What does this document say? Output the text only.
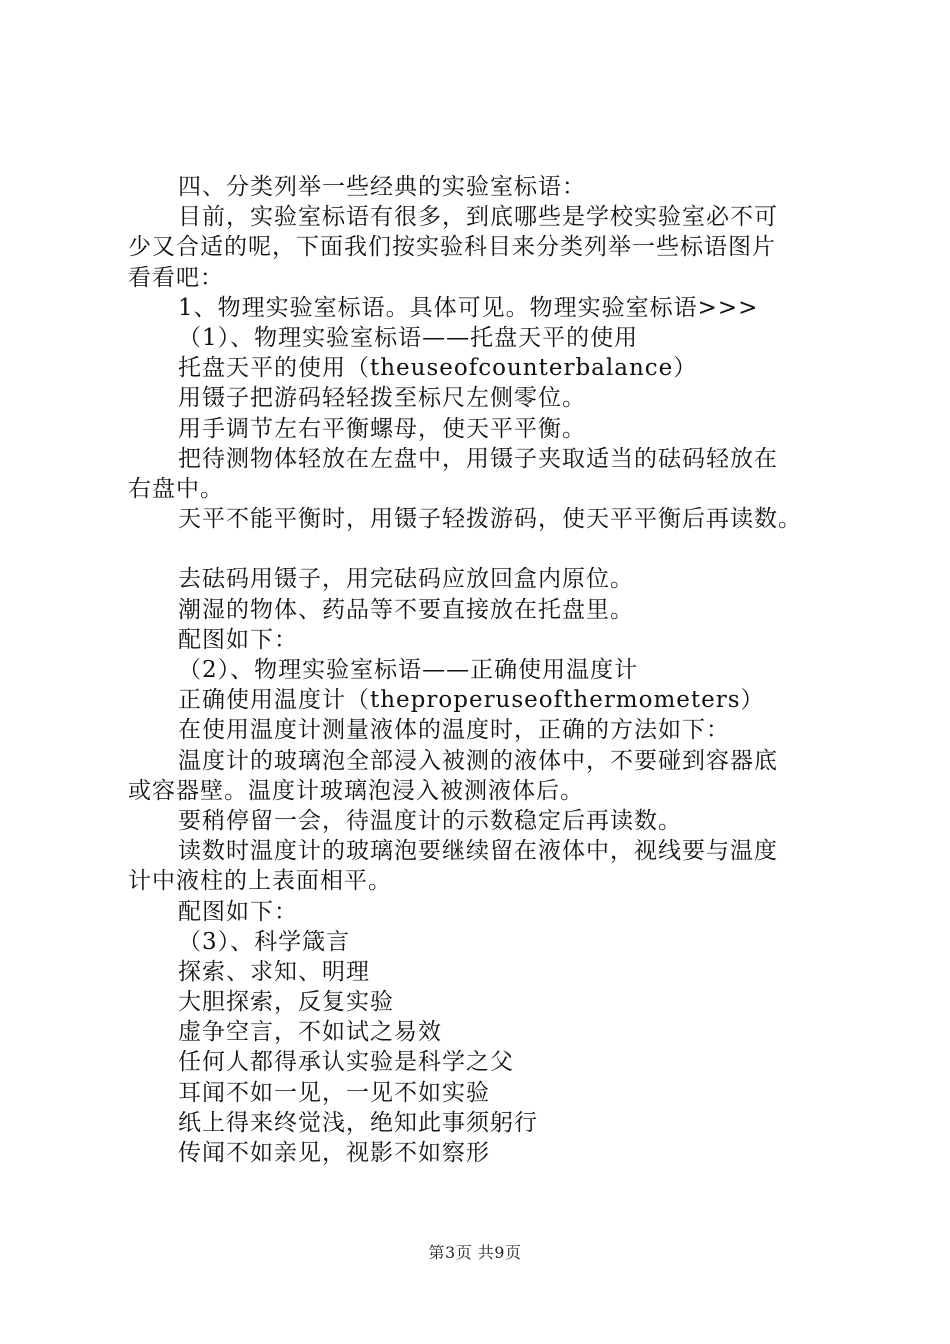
四、分类列举一些经典的实验室标语：
目前，实验室标语有很多，到底哪些是学校实验室必不可
少又合适的呢，下面我们按实验科目来分类列举一些标语图片
看看吧：
1、物理实验室标语。具体可见。物理实验室标语>>>
（1）、物理实验室标语——托盘天平的使用
托盘天平的使用（theuseofcounterbalance）
用镊子把游码轻轻拨至标尺左侧零位。
用手调节左右平衡螺母，使天平平衡。
把待测物体轻放在左盘中，用镊子夹取适当的砝码轻放在
右盘中。
天平不能平衡时，用镊子轻拨游码，使天平平衡后再读数。
去砝码用镊子，用完砝码应放回盒内原位。
潮湿的物体、药品等不要直接放在托盘里。
配图如下：
（2）、物理实验室标语——正确使用温度计
正确使用温度计（theproperuseofthermometers）
在使用温度计测量液体的温度时，正确的方法如下：
温度计的玻璃泡全部浸入被测的液体中，不要碰到容器底
或容器壁。温度计玻璃泡浸入被测液体后。
要稍停留一会，待温度计的示数稳定后再读数。
读数时温度计的玻璃泡要继续留在液体中，视线要与温度
计中液柱的上表面相平。
配图如下：
（3）、科学箴言
探索、求知、明理
大胆探索，反复实验
虚争空言，不如试之易效
任何人都得承认实验是科学之父
耳闻不如一见，一见不如实验
纸上得来终觉浅，绝知此事须躬行
传闻不如亲见，视影不如察形
第3页 共9页
